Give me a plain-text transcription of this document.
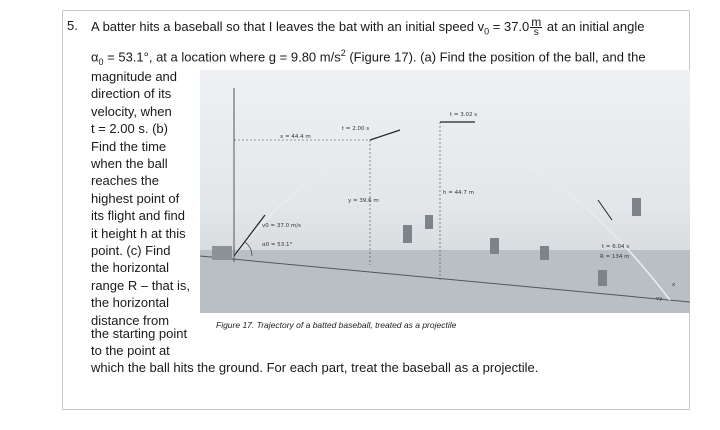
5. A batter hits a baseball so that I leaves the bat with an initial speed $v_0 = 37.0 \frac{m}{s}$ at an initial angle
$\alpha_0 = 53.1^\circ$, at a location where g = 9.80 $m/s^2$ (Figure 17). (a) Find the position of the ball, and the
magnitude and
direction of its
velocity, when
t = 2.00 s. (b)
Find the time
when the ball
reaches the
highest point of
its flight and find
it height h at this
point. (c) Find
the horizontal
range R – that is,
the horizontal
distance from
the starting point
to the point at
which the ball hits the ground. For each part, treat the baseball as a projectile.
x = 44.4 m
t = 2.00 s
t = 3.02 s
y = 39.6 m
h = 44.7 m
v0 = 37.0 m/s
α0 = 53.1°	t = 6.04 s
R = 134 m
x
vy
Figure 17. Trajectory of a batted baseball, treated as a projectile
